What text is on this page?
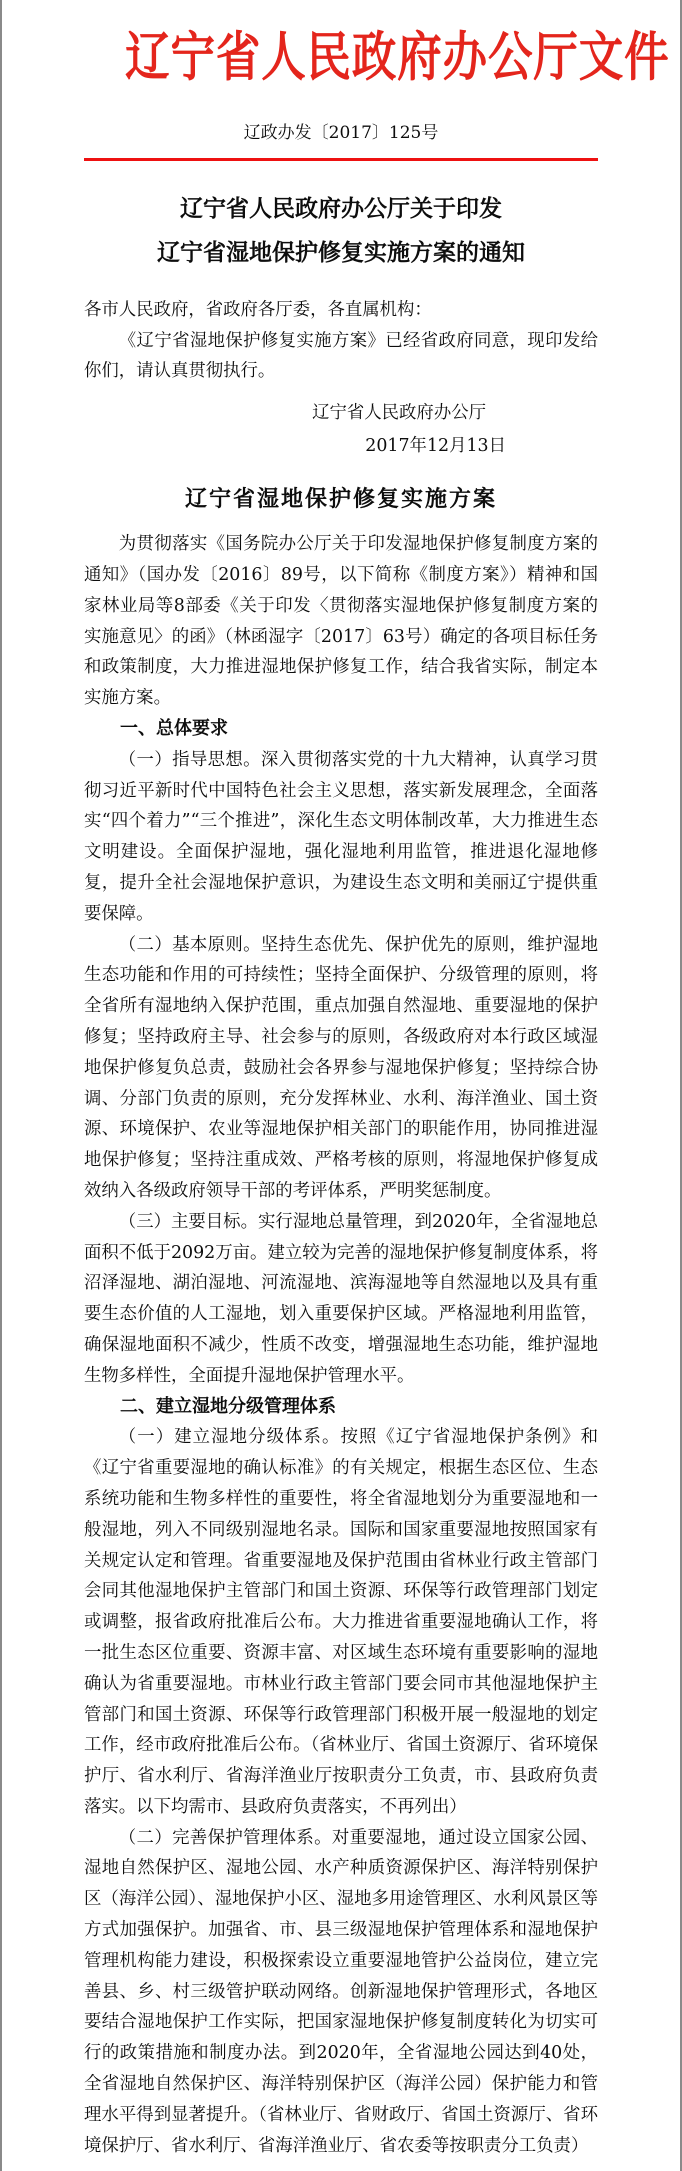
辽宁省人民政府办公厅文件
辽政办发〔2017〕125号
辽宁省人民政府办公厅关于印发
辽宁省湿地保护修复实施方案的通知

各市人民政府，省政府各厅委，各直属机构：

《辽宁省湿地保护修复实施方案》已经省政府同意，现印发给你们，请认真贯彻执行。

辽宁省人民政府办公厅
2017年12月13日
辽宁省湿地保护修复实施方案

为贯彻落实《国务院办公厅关于印发湿地保护修复制度方案的通知》（国办发〔2016〕89号，以下简称《制度方案》）精神和国家林业局等8部委《关于印发〈贯彻落实湿地保护修复制度方案的实施意见〉的函》（林函湿字〔2017〕63号）确定的各项目标任务和政策制度，大力推进湿地保护修复工作，结合我省实际，制定本实施方案。

一、总体要求

（一）指导思想。深入贯彻落实党的十九大精神，认真学习贯彻习近平新时代中国特色社会主义思想，落实新发展理念，全面落实“四个着力”“三个推进”，深化生态文明体制改革，大力推进生态文明建设。全面保护湿地，强化湿地利用监管，推进退化湿地修复，提升全社会湿地保护意识，为建设生态文明和美丽辽宁提供重要保障。

（二）基本原则。坚持生态优先、保护优先的原则，维护湿地生态功能和作用的可持续性；坚持全面保护、分级管理的原则，将全省所有湿地纳入保护范围，重点加强自然湿地、重要湿地的保护修复；坚持政府主导、社会参与的原则，各级政府对本行政区域湿地保护修复负总责，鼓励社会各界参与湿地保护修复；坚持综合协调、分部门负责的原则，充分发挥林业、水利、海洋渔业、国土资源、环境保护、农业等湿地保护相关部门的职能作用，协同推进湿地保护修复；坚持注重成效、严格考核的原则，将湿地保护修复成效纳入各级政府领导干部的考评体系，严明奖惩制度。

（三）主要目标。实行湿地总量管理，到2020年，全省湿地总面积不低于2092万亩。建立较为完善的湿地保护修复制度体系，将沼泽湿地、湖泊湿地、河流湿地、滨海湿地等自然湿地以及具有重要生态价值的人工湿地，划入重要保护区域。严格湿地利用监管，确保湿地面积不减少，性质不改变，增强湿地生态功能，维护湿地生物多样性，全面提升湿地保护管理水平。

二、建立湿地分级管理体系

（一）建立湿地分级体系。按照《辽宁省湿地保护条例》和《辽宁省重要湿地的确认标准》的有关规定，根据生态区位、生态系统功能和生物多样性的重要性，将全省湿地划分为重要湿地和一般湿地，列入不同级别湿地名录。国际和国家重要湿地按照国家有关规定认定和管理。省重要湿地及保护范围由省林业行政主管部门会同其他湿地保护主管部门和国土资源、环保等行政管理部门划定或调整，报省政府批准后公布。大力推进省重要湿地确认工作，将一批生态区位重要、资源丰富、对区域生态环境有重要影响的湿地确认为省重要湿地。市林业行政主管部门要会同市其他湿地保护主管部门和国土资源、环保等行政管理部门积极开展一般湿地的划定工作，经市政府批准后公布。（省林业厅、省国土资源厅、省环境保护厅、省水利厅、省海洋渔业厅按职责分工负责，市、县政府负责落实。以下均需市、县政府负责落实，不再列出）

（二）完善保护管理体系。对重要湿地，通过设立国家公园、湿地自然保护区、湿地公园、水产种质资源保护区、海洋特别保护区（海洋公园）、湿地保护小区、湿地多用途管理区、水利风景区等方式加强保护。加强省、市、县三级湿地保护管理体系和湿地保护管理机构能力建设，积极探索设立重要湿地管护公益岗位，建立完善县、乡、村三级管护联动网络。创新湿地保护管理形式，各地区要结合湿地保护工作实际，把国家湿地保护修复制度转化为切实可行的政策措施和制度办法。到2020年，全省湿地公园达到40处，全省湿地自然保护区、海洋特别保护区（海洋公园）保护能力和管理水平得到显著提升。（省林业厅、省财政厅、省国土资源厅、省环境保护厅、省水利厅、省海洋渔业厅、省农委等按职责分工负责）
